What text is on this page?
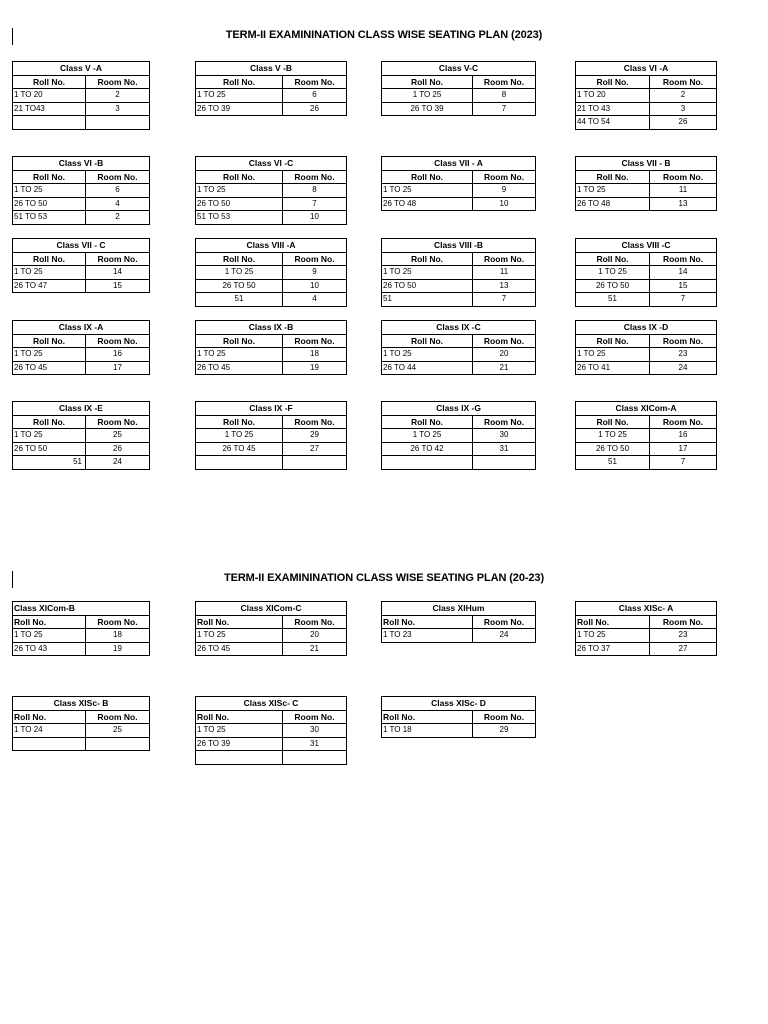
TERM-II EXAMININATION CLASS WISE SEATING PLAN (2023)
TERM-II EXAMININATION CLASS WISE SEATING PLAN (20-23)
Class V -A	
Roll No.	Room No.
1 TO 20	2
21 TO43	3

Class V -B	
Roll No.	Room No.
1 TO 25	6
26 TO 39	26
Class V-C	
Roll No.	Room No.
1 TO 25	8
26 TO 39	7
Class VI -A	
Roll No.	Room No.
1 TO 20	2
21 TO 43	3
44 TO 54	26
Class VI -B	
Roll No.	Room No.
1 TO 25	6
26 TO 50	4
51 TO 53	2
Class VI -C	
Roll No.	Room No.
1 TO 25	8
26 TO 50	7
51 TO 53	10
Class VII - A	
Roll No.	Room No.
1 TO 25	9
26 TO 48	10
Class VII - B	
Roll No.	Room No.
1 TO 25	11
26 TO 48	13
Class VII - C	
Roll No.	Room No.
1 TO 25	14
26 TO 47	15
Class VIII -A	
Roll No.	Room No.
1 TO 25	9
26 TO 50	10
51	4
Class VIII -B	
Roll No.	Room No.
1 TO 25	11
26 TO 50	13
51	7
Class VIII -C	
Roll No.	Room No.
1 TO 25	14
26 TO 50	15
51	7
Class IX -A	
Roll No.	Room No.
1 TO 25	16
26 TO 45	17
Class IX -B	
Roll No.	Room No.
1 TO 25	18
26 TO 45	19
Class IX -C	
Roll No.	Room No.
1 TO 25	20
26 TO 44	21
Class IX -D	
Roll No.	Room No.
1 TO 25	23
26 TO 41	24
Class IX -E	
Roll No.	Room No.
1 TO 25	25
26 TO 50	26
51	24
Class IX -F	
Roll No.	Room No.
1 TO 25	29
26 TO 45	27

Class IX -G	
Roll No.	Room No.
1 TO 25	30
26 TO 42	31

Class XICom-A	
Roll No.	Room No.
1 TO 25	16
26 TO 50	17
51	7
Class XICom-B	
Roll No.	Room No.
1 TO 25	18
26 TO 43	19
Class XICom-C	
Roll No.	Room No.
1 TO 25	20
26 TO 45	21
Class XIHum	
Roll No.	Room No.
1 TO 23	24
Class XISc- A	
Roll No.	Room No.
1 TO 25	23
26 TO 37	27
Class XISc- B	
Roll No.	Room No.
1 TO 24	25

Class XISc- C	
Roll No.	Room No.
1 TO 25	30
26 TO 39	31

Class XISc- D	
Roll No.	Room No.
1 TO 18	29
